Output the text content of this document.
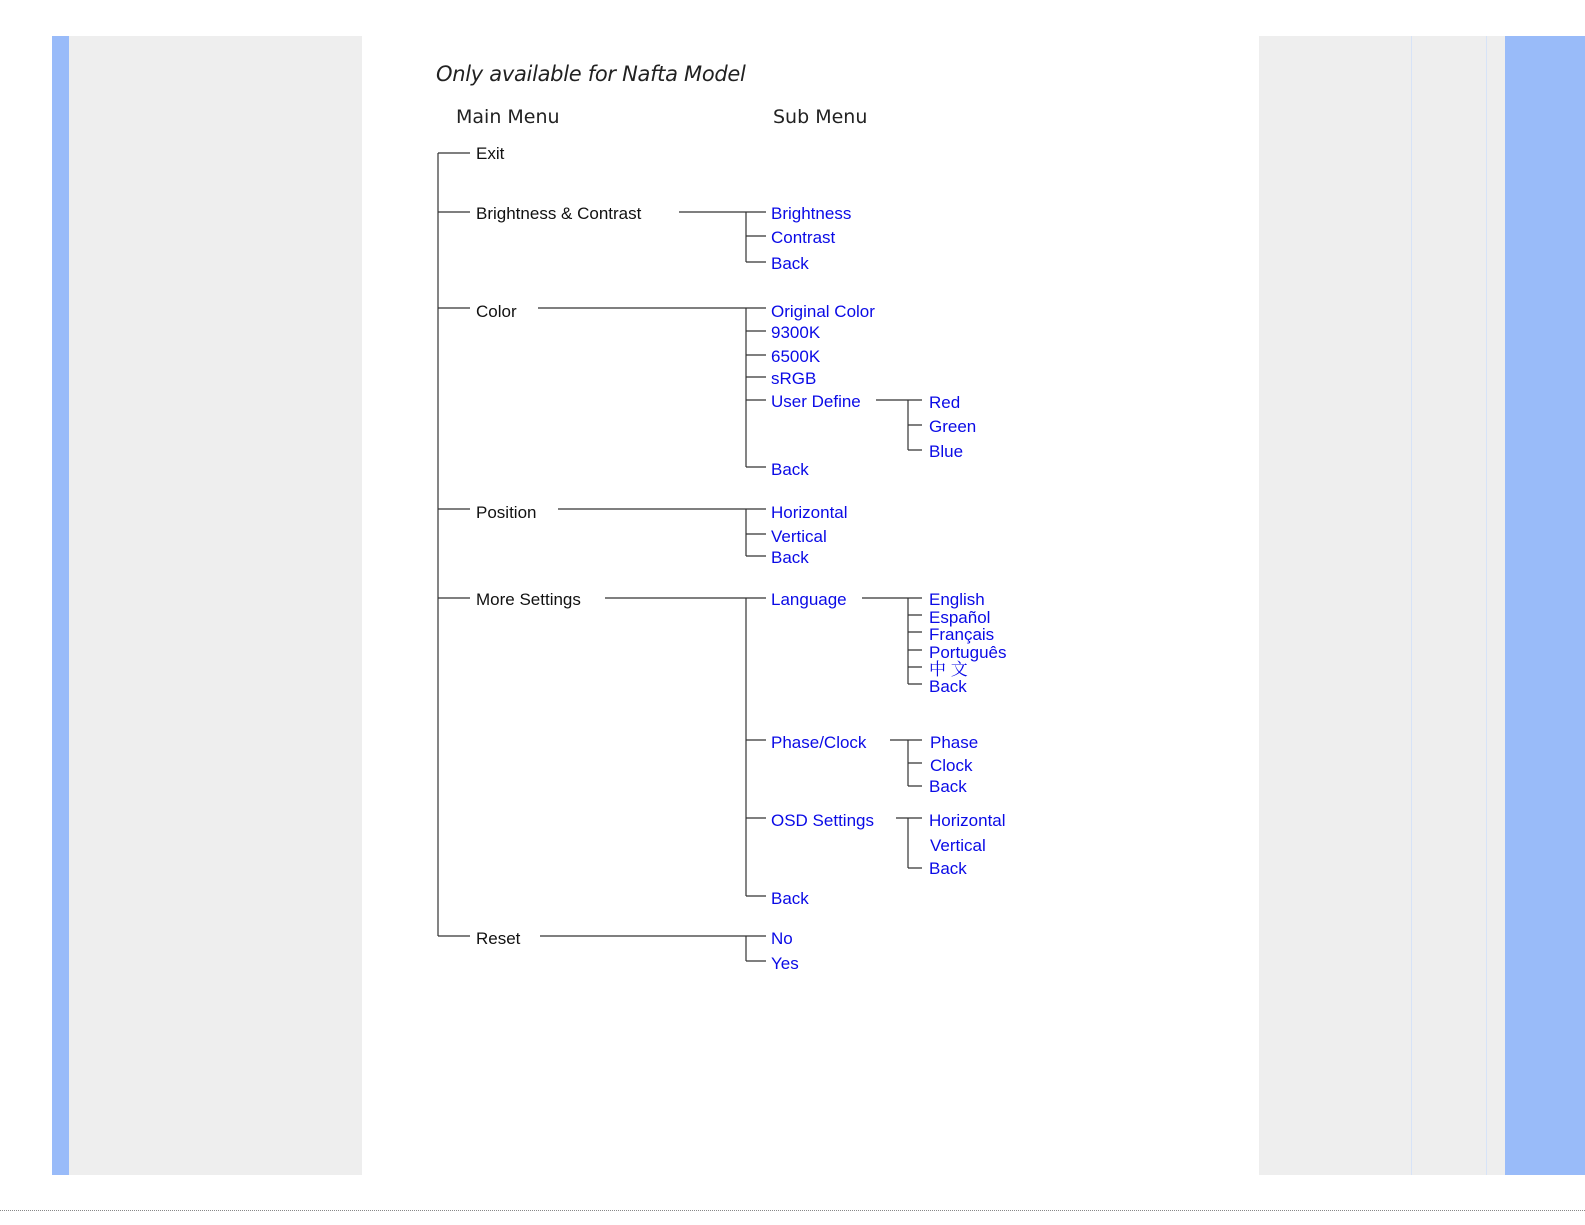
Only available for Nafta Model
Main Menu	Sub Menu
Exit
Brightness & Contrast
Color
Position
More Settings
Reset
Brightness
Contrast
Back
Original Color
9300K
6500K
sRGB
User Define
Back
Red
Green
Blue
Horizontal
Vertical
Back
Language
Phase/Clock
OSD Settings
Back
English
Español
Français
Português
中 文
Back
Phase
Clock
Back
Horizontal
Vertical
Back
No
Yes
